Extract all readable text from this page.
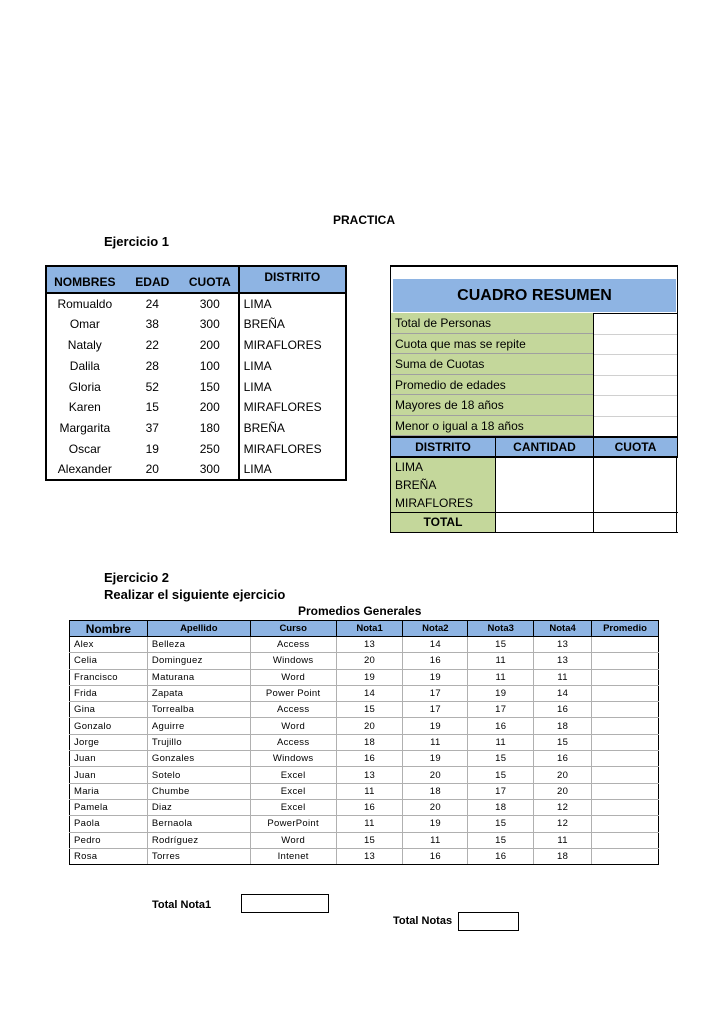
PRACTICA
Ejercicio 1
NOMBRES	EDAD	CUOTA	DISTRITO
Romualdo	24	300	LIMA
Omar	38	300	BREÑA
Nataly	22	200	MIRAFLORES
Dalila	28	100	LIMA
Gloria	52	150	LIMA
Karen	15	200	MIRAFLORES
Margarita	37	180	BREÑA
Oscar	19	250	MIRAFLORES
Alexander	20	300	LIMA
CUADRO RESUMEN
Total de Personas
Cuota que mas se repite
Suma de Cuotas
Promedio de edades
Mayores de 18 años
Menor o igual a 18 años
DISTRITO	CANTIDAD	CUOTA
LIMA
BREÑA
MIRAFLORES
TOTAL
Ejercicio 2
Realizar el siguiente ejercicio
Promedios Generales
Nombre	Apellido	Curso	Nota1	Nota2	Nota3	Nota4	Promedio
Alex	Belleza	Access	13	14	15	13	
Celia	Dominguez	Windows	20	16	11	13	
Francisco	Maturana	Word	19	19	11	11	
Frida	Zapata	Power Point	14	17	19	14	
Gina	Torrealba	Access	15	17	17	16	
Gonzalo	Aguirre	Word	20	19	16	18	
Jorge	Trujillo	Access	18	11	11	15	
Juan	Gonzales	Windows	16	19	15	16	
Juan	Sotelo	Excel	13	20	15	20	
Maria	Chumbe	Excel	11	18	17	20	
Pamela	Diaz	Excel	16	20	18	12	
Paola	Bernaola	PowerPoint	11	19	15	12	
Pedro	Rodríguez	Word	15	11	15	11	
Rosa	Torres	Intenet	13	16	16	18	
Total Nota1
Total Notas
